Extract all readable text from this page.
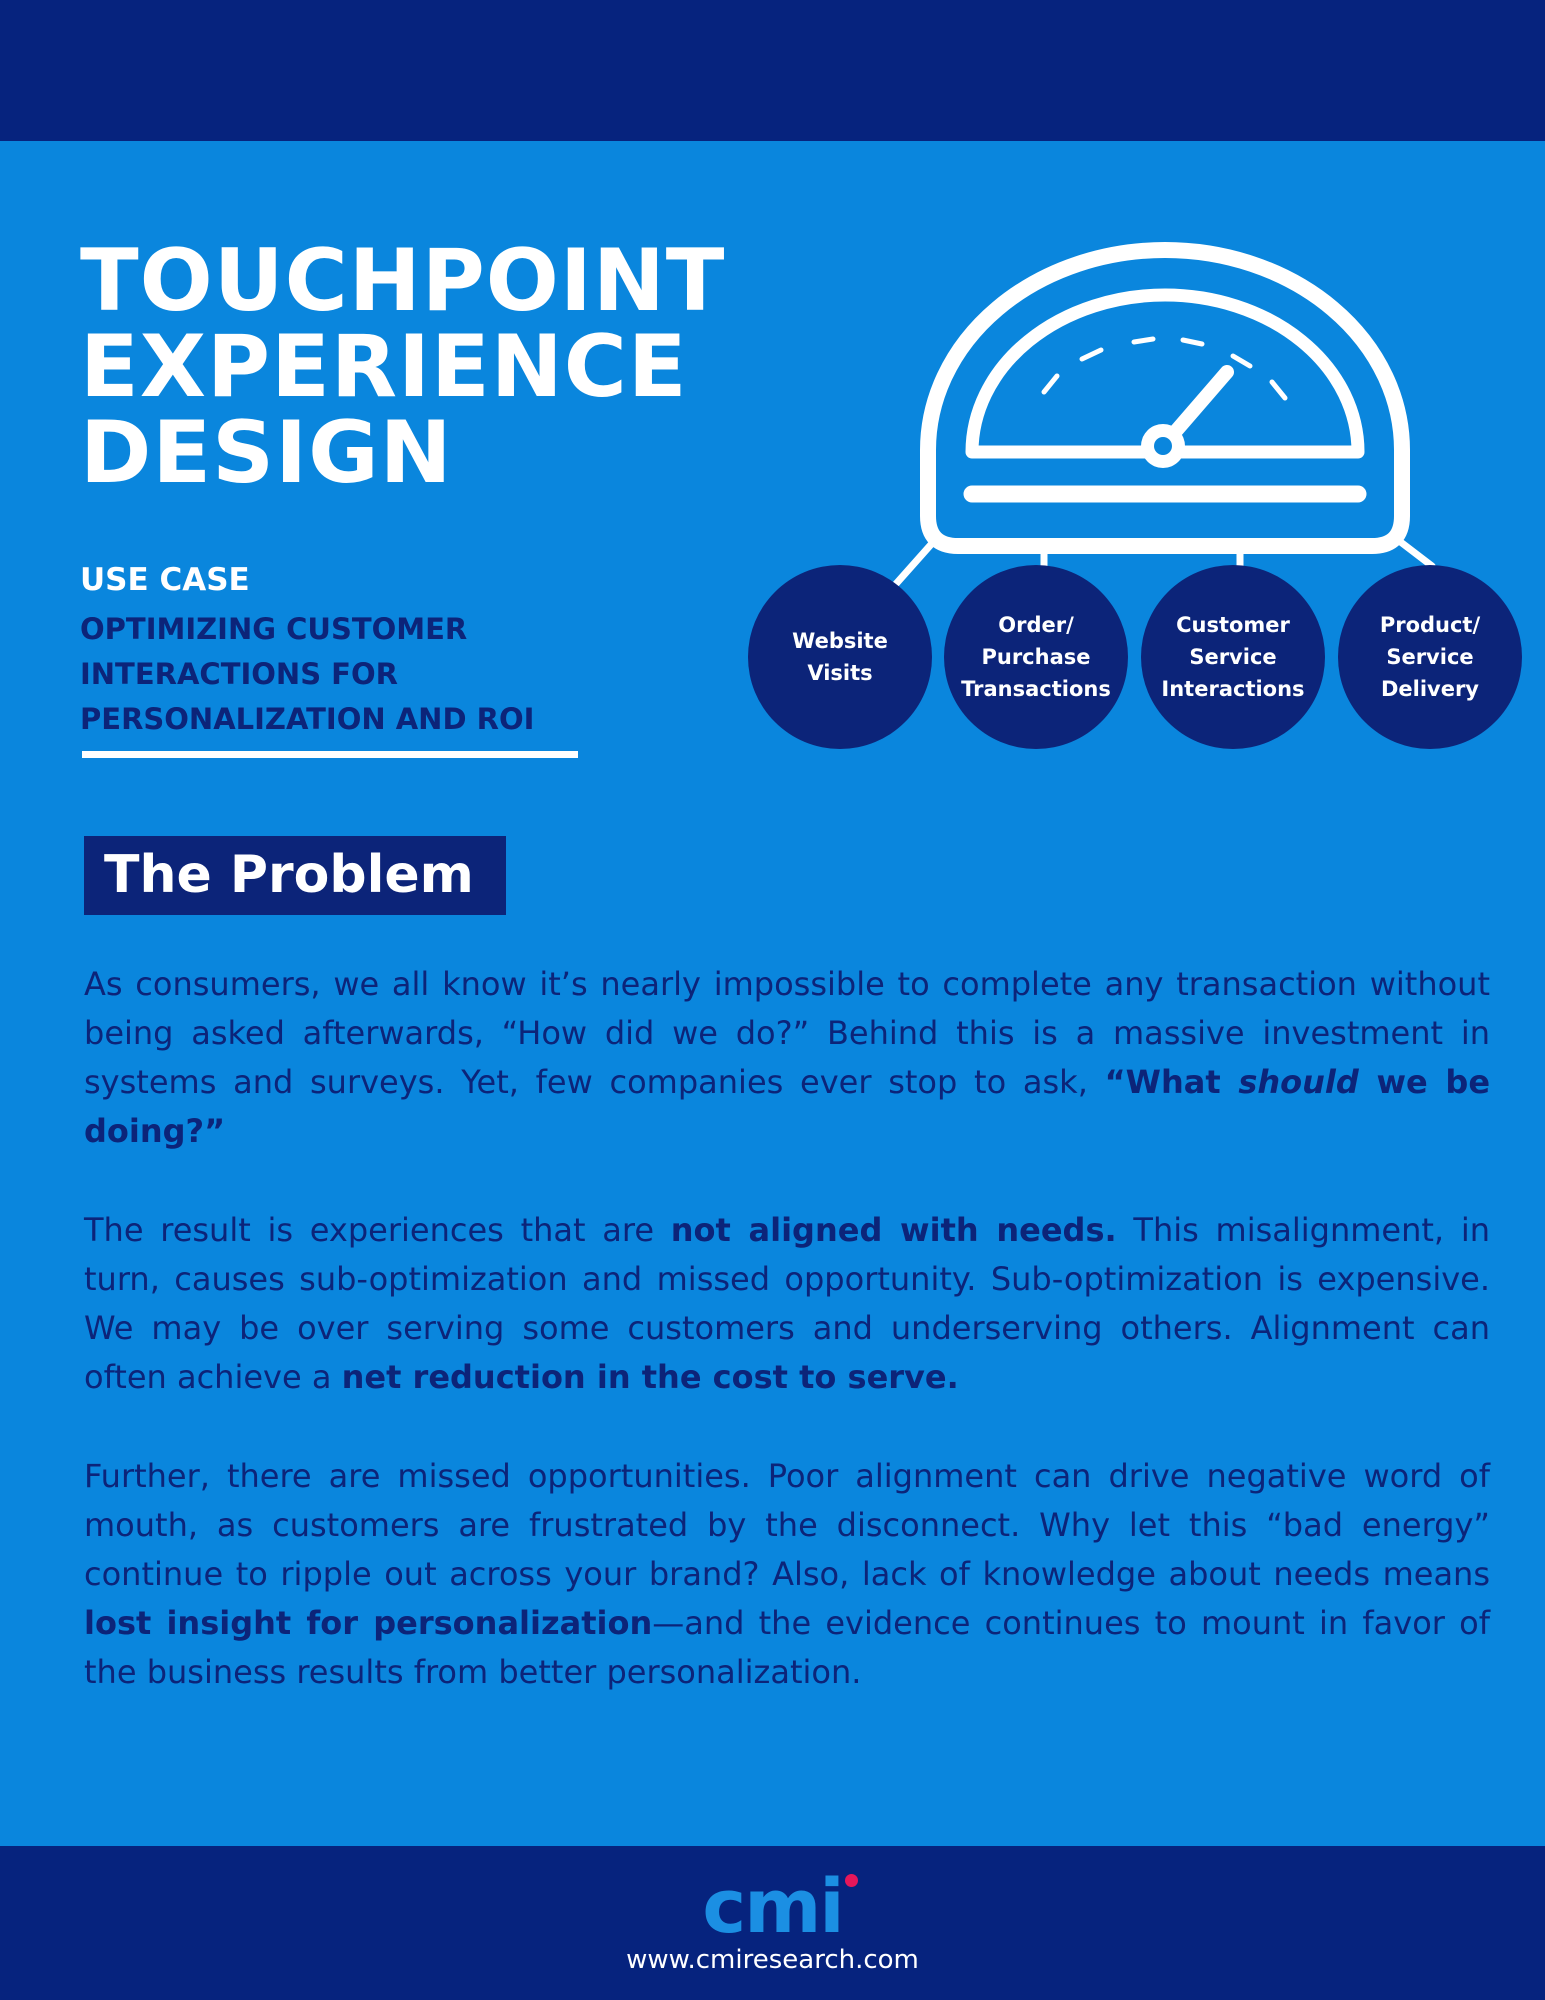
TOUCHPOINT
EXPERIENCE
DESIGN
USE CASE
OPTIMIZING CUSTOMER
INTERACTIONS FOR
PERSONALIZATION AND ROI
Website
Visits
Order/
Purchase
Transactions
Customer
Service
Interactions
Product/
Service
Delivery
The Problem
As consumers, we all know it’s nearly impossible to complete any transaction without being asked afterwards, “How did we do?” Behind this is a massive investment in systems and surveys. Yet, few companies ever stop to ask, “What should we be doing?”
The result is experiences that are not aligned with needs. This misalignment, in turn, causes sub-optimization and missed opportunity. Sub-optimization is expensive. We may be over serving some customers and underserving others. Alignment can often achieve a net reduction in the cost to serve.
Further, there are missed opportunities. Poor alignment can drive negative word of mouth, as customers are frustrated by the disconnect. Why let this “bad energy” continue to ripple out across your brand? Also, lack of knowledge about needs means lost insight for personalization—and the evidence continues to mount in favor of the business results from better personalization.
cmi
www.cmiresearch.com
